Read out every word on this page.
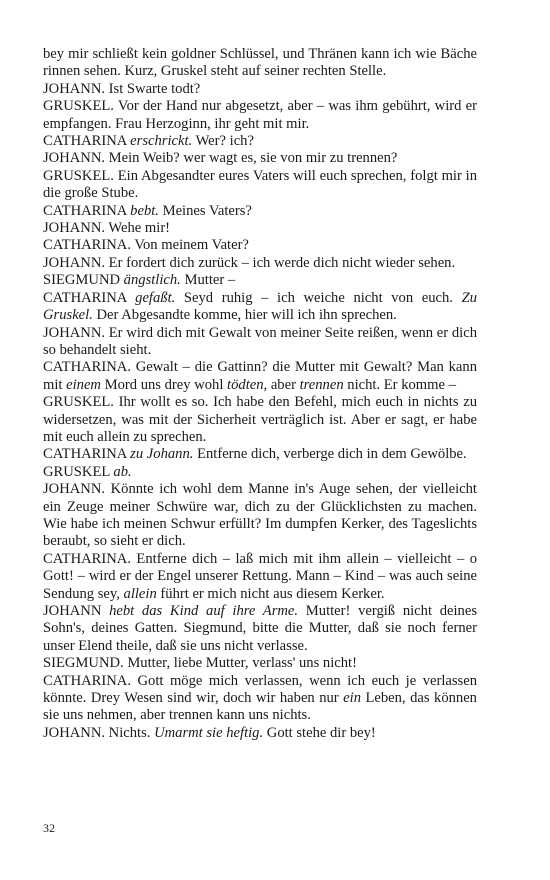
bey mir schließt kein goldner Schlüssel, und Thränen kann ich wie Bäche rinnen sehen. Kurz, Gruskel steht auf seiner rechten Stelle.

JOHANN. Ist Swarte todt?

GRUSKEL. Vor der Hand nur abgesetzt, aber – was ihm gebührt, wird er empfangen. Frau Herzoginn, ihr geht mit mir.

CATHARINA erschrickt. Wer? ich?

JOHANN. Mein Weib? wer wagt es, sie von mir zu trennen?

GRUSKEL. Ein Abgesandter eures Vaters will euch sprechen, folgt mir in die große Stube.

CATHARINA bebt. Meines Vaters?

JOHANN. Wehe mir!

CATHARINA. Von meinem Vater?

JOHANN. Er fordert dich zurück – ich werde dich nicht wieder sehen.

SIEGMUND ängstlich. Mutter –

CATHARINA gefaßt. Seyd ruhig – ich weiche nicht von euch. Zu Gruskel. Der Abgesandte komme, hier will ich ihn sprechen.

JOHANN. Er wird dich mit Gewalt von meiner Seite reißen, wenn er dich so behandelt sieht.

CATHARINA. Gewalt – die Gattinn? die Mutter mit Gewalt? Man kann mit einem Mord uns drey wohl tödten, aber trennen nicht. Er komme –

GRUSKEL. Ihr wollt es so. Ich habe den Befehl, mich euch in nichts zu widersetzen, was mit der Sicherheit verträglich ist. Aber er sagt, er habe mit euch allein zu sprechen.

CATHARINA zu Johann. Entferne dich, verberge dich in dem Gewölbe.

GRUSKEL ab.

JOHANN. Könnte ich wohl dem Manne in's Auge sehen, der vielleicht ein Zeuge meiner Schwüre war, dich zu der Glücklichsten zu machen. Wie habe ich meinen Schwur erfüllt? Im dumpfen Kerker, des Tageslichts beraubt, so sieht er dich.

CATHARINA. Entferne dich – laß mich mit ihm allein – vielleicht – o Gott! – wird er der Engel unserer Rettung. Mann – Kind – was auch seine Sendung sey, allein führt er mich nicht aus diesem Kerker.

JOHANN hebt das Kind auf ihre Arme. Mutter! vergiß nicht deines Sohn's, deines Gatten. Siegmund, bitte die Mutter, daß sie noch ferner unser Elend theile, daß sie uns nicht verlasse.

SIEGMUND. Mutter, liebe Mutter, verlass' uns nicht!

CATHARINA. Gott möge mich verlassen, wenn ich euch je verlassen könnte. Drey Wesen sind wir, doch wir haben nur ein Leben, das können sie uns nehmen, aber trennen kann uns nichts.

JOHANN. Nichts. Umarmt sie heftig. Gott stehe dir bey!

32
